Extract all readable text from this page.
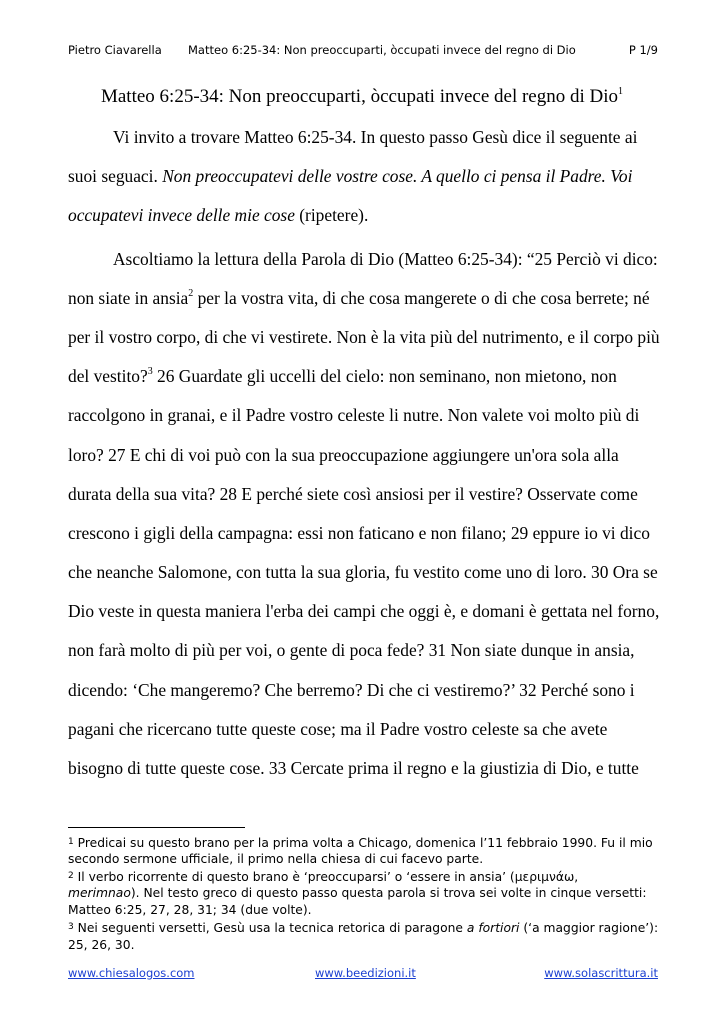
Pietro Ciavarella Matteo 6:25-34: Non preoccuparti, òccupati invece del regno di Dio	P 1/9
Matteo 6:25-34: Non preoccuparti, òccupati invece del regno di Dio$^1$
Vi invito a trovare Matteo 6:25-34. In questo passo Gesù dice il seguente ai
suoi seguaci. Non preoccupatevi delle vostre cose. A quello ci pensa il Padre. Voi
occupatevi invece delle mie cose (ripetere).
Ascoltiamo la lettura della Parola di Dio (Matteo 6:25-34): “25 Perciò vi dico:
non siate in ansia$^2$ per la vostra vita, di che cosa mangerete o di che cosa berrete; né
per il vostro corpo, di che vi vestirete. Non è la vita più del nutrimento, e il corpo più
del vestito?$^3$ 26 Guardate gli uccelli del cielo: non seminano, non mietono, non
raccolgono in granai, e il Padre vostro celeste li nutre. Non valete voi molto più di
loro? 27 E chi di voi può con la sua preoccupazione aggiungere un'ora sola alla
durata della sua vita? 28 E perché siete così ansiosi per il vestire? Osservate come
crescono i gigli della campagna: essi non faticano e non filano; 29 eppure io vi dico
che neanche Salomone, con tutta la sua gloria, fu vestito come uno di loro. 30 Ora se
Dio veste in questa maniera l'erba dei campi che oggi è, e domani è gettata nel forno,
non farà molto di più per voi, o gente di poca fede? 31 Non siate dunque in ansia,
dicendo: ‘Che mangeremo? Che berremo? Di che ci vestiremo?’ 32 Perché sono i
pagani che ricercano tutte queste cose; ma il Padre vostro celeste sa che avete
bisogno di tutte queste cose. 33 Cercate prima il regno e la giustizia di Dio, e tutte
$^1$ Predicai su questo brano per la prima volta a Chicago, domenica l’11 febbraio 1990. Fu il mio
secondo sermone ufficiale, il primo nella chiesa di cui facevo parte.
$^2$ Il verbo ricorrente di questo brano è ‘preoccuparsi’ o ‘essere in ansia’ (μεριμνάω,
merimnao). Nel testo greco di questo passo questa parola si trova sei volte in cinque versetti:
Matteo 6:25, 27, 28, 31; 34 (due volte).
$^3$ Nei seguenti versetti, Gesù usa la tecnica retorica di paragone a fortiori (‘a maggior ragione’):
25, 26, 30.
www.chiesalogos.com	www.beedizioni.it	www.solascrittura.it
